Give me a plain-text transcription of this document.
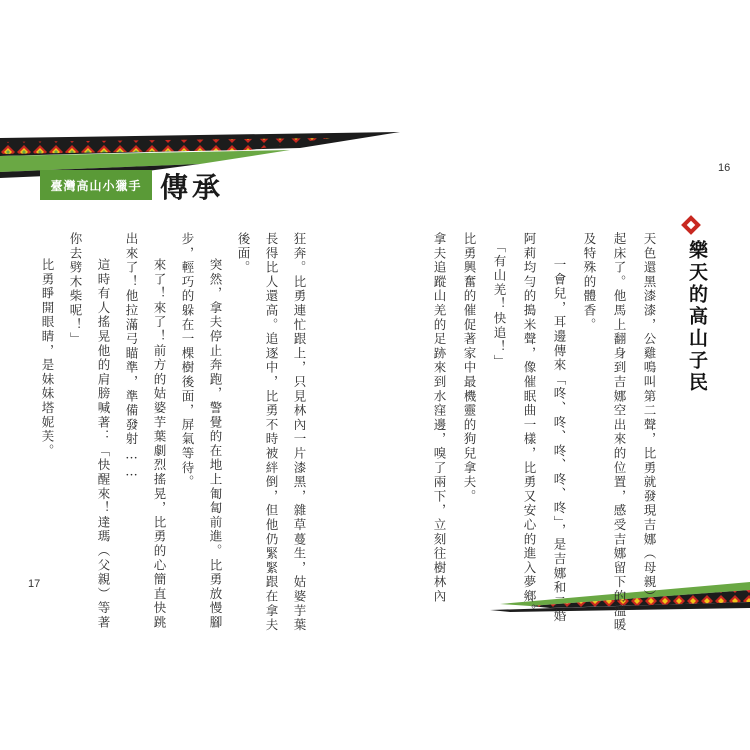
臺灣高山小獵手 傳承
16
17
樂天的高山子民
天色還黑漆漆，公雞鳴叫第二聲，比勇就發現吉娜（母親）
起床了。他馬上翻身到吉娜空出來的位置，感受吉娜留下的溫暖
及特殊的體香。
一會兒，耳邊傳來「咚、咚、咚、咚、咚」，是吉娜和二婚
阿莉均勻的搗米聲，像催眠曲一樣，比勇又安心的進入夢鄉。
「有山羌！快追！」
比勇興奮的催促著家中最機靈的狗兒拿夫。
拿夫追蹤山羌的足跡來到水窪邊，嗅了兩下，立刻往樹林內
狂奔。比勇連忙跟上，只見林內一片漆黑，雜草蔓生，姑婆芋葉
長得比人還高。追逐中，比勇不時被絆倒，但他仍緊緊跟在拿夫
後面。
突然，拿夫停止奔跑，警覺的在地上匍匐前進。比勇放慢腳
步，輕巧的躲在一棵樹後面，屏氣等待。
來了！來了！前方的姑婆芋葉劇烈搖晃，比勇的心簡直快跳
出來了！他拉滿弓瞄準，準備發射……
這時有人搖晃他的肩膀喊著：「快醒來！達瑪（父親）等著
你去劈木柴呢！」
比勇睜開眼睛，是妹妹塔妮芙。
